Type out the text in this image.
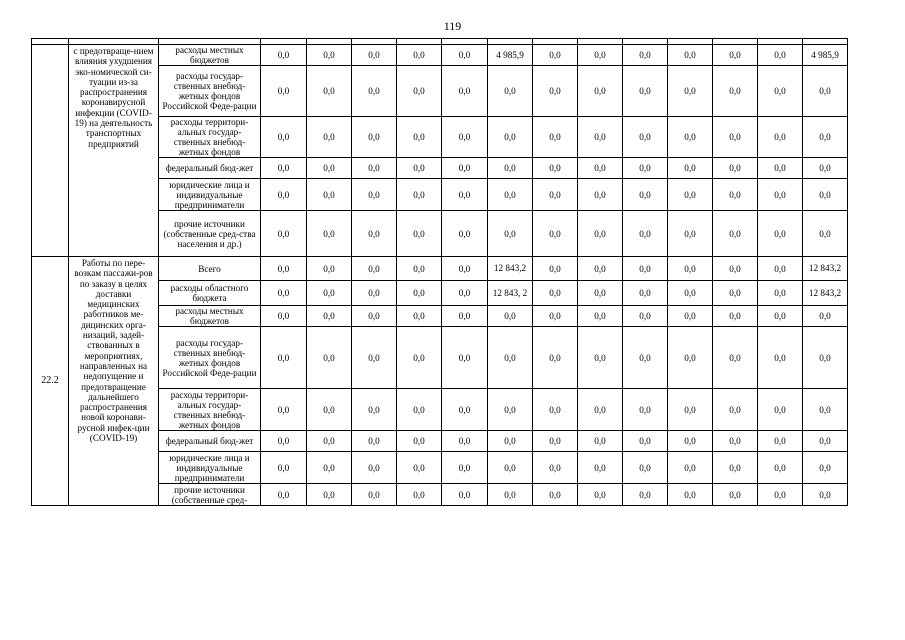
119

	с предотвраще-нием влияния ухудшения эко-номической си-туации из-за распространения коронавирусной инфекции (COVID-19) на деятельность транспортных предприятий	расходы местных бюджетов	0,0	0,0	0,0	0,0	0,0	4 985,9	0,0	0,0	0,0	0,0	0,0	0,0	4 985,9
		расходы государ-ственных внебюд-жетных фондов Российской Феде-рации	0,0	0,0	0,0	0,0	0,0	0,0	0,0	0,0	0,0	0,0	0,0	0,0	0,0
		расходы территори-альных государ-ственных внебюд-жетных фондов	0,0	0,0	0,0	0,0	0,0	0,0	0,0	0,0	0,0	0,0	0,0	0,0	0,0
		федеральный бюд-жет	0,0	0,0	0,0	0,0	0,0	0,0	0,0	0,0	0,0	0,0	0,0	0,0	0,0
		юридические лица и индивидуальные предприниматели	0,0	0,0	0,0	0,0	0,0	0,0	0,0	0,0	0,0	0,0	0,0	0,0	0,0
		прочие источники (собственные сред-ства населения и др.)	0,0	0,0	0,0	0,0	0,0	0,0	0,0	0,0	0,0	0,0	0,0	0,0	0,0
22.2	Работы по пере-возкам пассажи-ров по заказу в целях доставки медицинских работников ме-дицинских орга-низаций, задей-ствованных в мероприятиях, направленных на недопущение и предотвращение дальнейшего распространения новой коронави-русной инфек-ции (COVID-19)	Всего	0,0	0,0	0,0	0,0	0,0	12 843,2	0,0	0,0	0,0	0,0	0,0	0,0	12 843,2
		расходы областного бюджета	0,0	0,0	0,0	0,0	0,0	12 843, 2	0,0	0,0	0,0	0,0	0,0	0,0	12 843,2
		расходы местных бюджетов	0,0	0,0	0,0	0,0	0,0	0,0	0,0	0,0	0,0	0,0	0,0	0,0	0,0
		расходы государ-ственных внебюд-жетных фондов Российской Феде-рации	0,0	0,0	0,0	0,0	0,0	0,0	0,0	0,0	0,0	0,0	0,0	0,0	0,0
		расходы территори-альных государ-ственных внебюд-жетных фондов	0,0	0,0	0,0	0,0	0,0	0,0	0,0	0,0	0,0	0,0	0,0	0,0	0,0
		федеральный бюд-жет	0,0	0,0	0,0	0,0	0,0	0,0	0,0	0,0	0,0	0,0	0,0	0,0	0,0
		юридические лица и индивидуальные предприниматели	0,0	0,0	0,0	0,0	0,0	0,0	0,0	0,0	0,0	0,0	0,0	0,0	0,0
		прочие источники (собственные сред-	0,0	0,0	0,0	0,0	0,0	0,0	0,0	0,0	0,0	0,0	0,0	0,0	0,0
